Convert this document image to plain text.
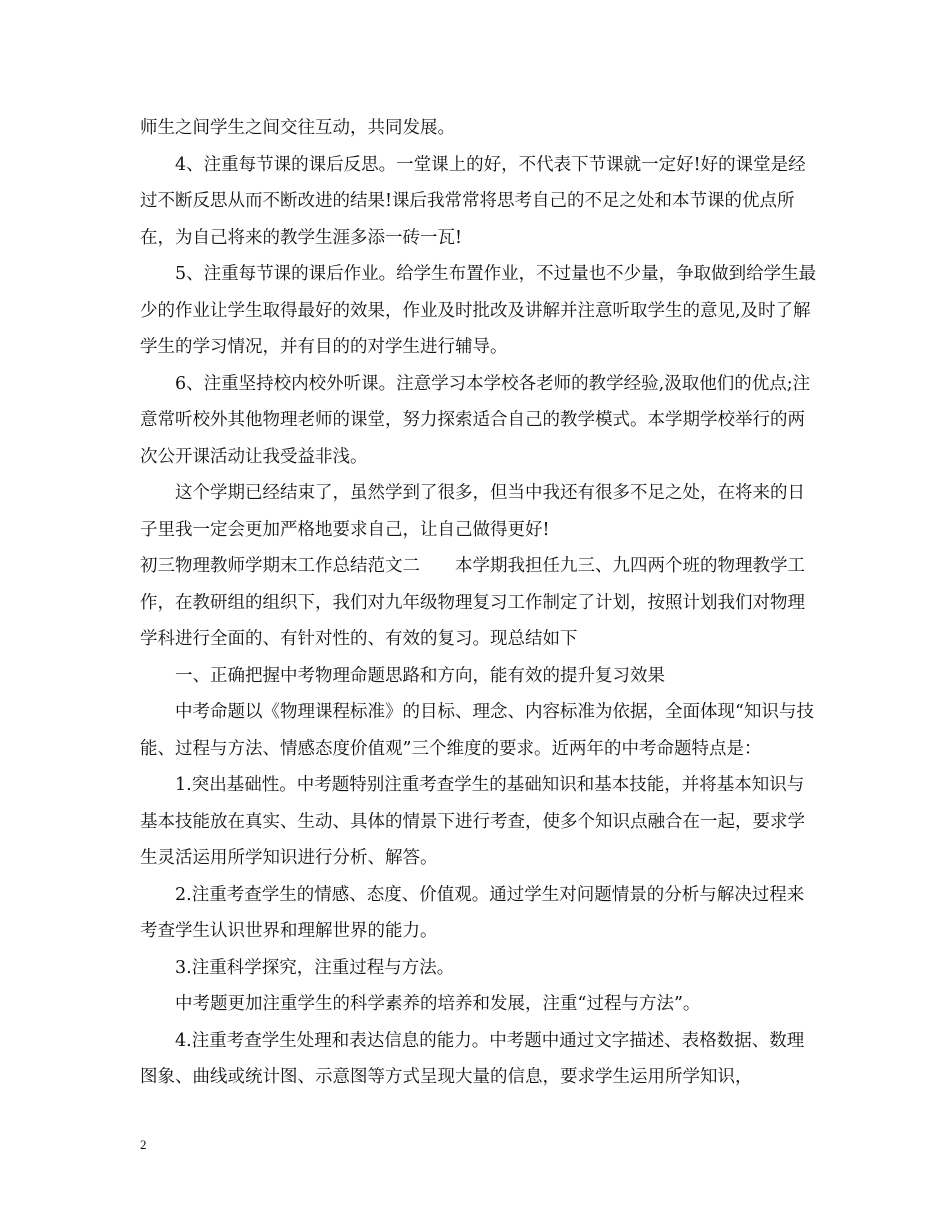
师生之间学生之间交往互动，共同发展。

4、注重每节课的课后反思。一堂课上的好，不代表下节课就一定好!好的课堂是经过不断反思从而不断改进的结果!课后我常常将思考自己的不足之处和本节课的优点所在，为自己将来的教学生涯多添一砖一瓦!

5、注重每节课的课后作业。给学生布置作业，不过量也不少量，争取做到给学生最少的作业让学生取得最好的效果，作业及时批改及讲解并注意听取学生的意见,及时了解学生的学习情况，并有目的的对学生进行辅导。

6、注重坚持校内校外听课。注意学习本学校各老师的教学经验,汲取他们的优点;注意常听校外其他物理老师的课堂，努力探索适合自己的教学模式。本学期学校举行的两次公开课活动让我受益非浅。

这个学期已经结束了，虽然学到了很多，但当中我还有很多不足之处，在将来的日子里我一定会更加严格地要求自己，让自己做得更好!

初三物理教师学期末工作总结范文二　　本学期我担任九三、九四两个班的物理教学工作，在教研组的组织下，我们对九年级物理复习工作制定了计划，按照计划我们对物理学科进行全面的、有针对性的、有效的复习。现总结如下

一、正确把握中考物理命题思路和方向，能有效的提升复习效果

中考命题以《物理课程标准》的目标、理念、内容标准为依据，全面体现“知识与技能、过程与方法、情感态度价值观”三个维度的要求。近两年的中考命题特点是：

1.突出基础性。中考题特别注重考查学生的基础知识和基本技能，并将基本知识与基本技能放在真实、生动、具体的情景下进行考查，使多个知识点融合在一起，要求学生灵活运用所学知识进行分析、解答。

2.注重考查学生的情感、态度、价值观。通过学生对问题情景的分析与解决过程来考查学生认识世界和理解世界的能力。

3.注重科学探究，注重过程与方法。

中考题更加注重学生的科学素养的培养和发展，注重“过程与方法”。

4.注重考查学生处理和表达信息的能力。中考题中通过文字描述、表格数据、数理图象、曲线或统计图、示意图等方式呈现大量的信息，要求学生运用所学知识，

2
